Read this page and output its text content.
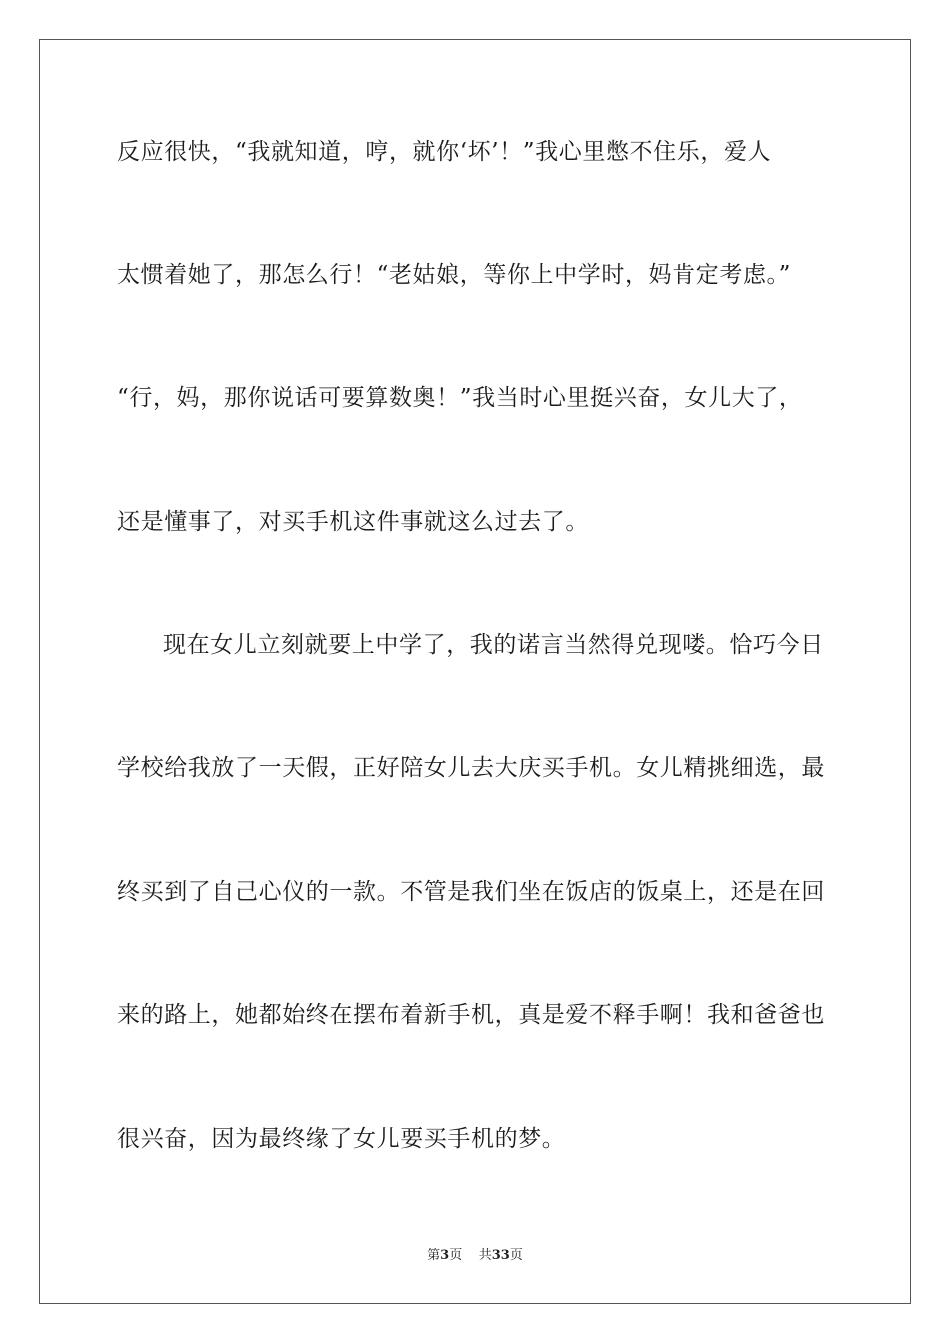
反应很快，“我就知道，哼，就你‘坏’！”我心里憋不住乐，爱人
太惯着她了，那怎么行！“老姑娘，等你上中学时，妈肯定考虑。”
“行，妈，那你说话可要算数奥！”我当时心里挺兴奋，女儿大了，
还是懂事了，对买手机这件事就这么过去了。
现在女儿立刻就要上中学了，我的诺言当然得兑现喽。恰巧今日
学校给我放了一天假，正好陪女儿去大庆买手机。女儿精挑细选，最
终买到了自己心仪的一款。不管是我们坐在饭店的饭桌上，还是在回
来的路上，她都始终在摆布着新手机，真是爱不释手啊！我和爸爸也
很兴奋，因为最终缘了女儿要买手机的梦。
第3页 共33页
